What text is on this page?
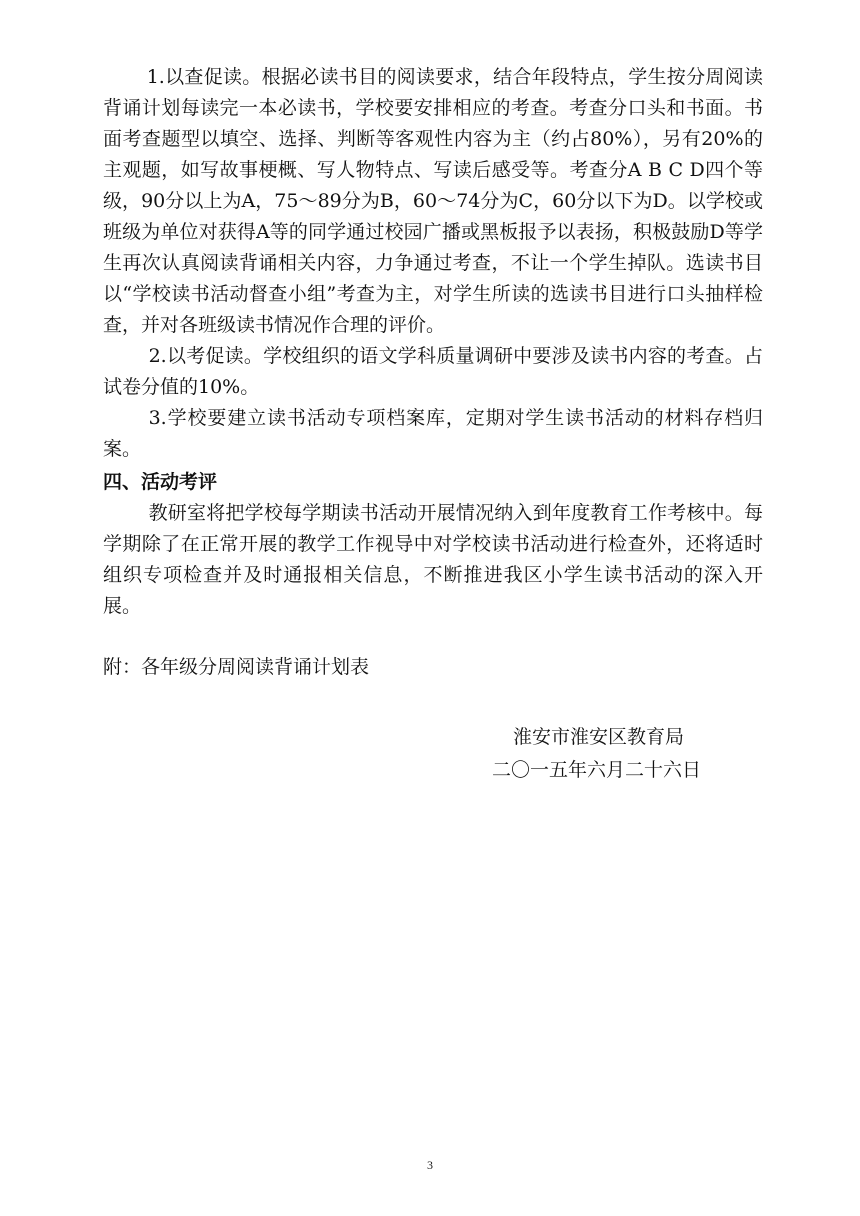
1.以查促读。根据必读书目的阅读要求，结合年段特点，学生按分周阅读背诵计划每读完一本必读书，学校要安排相应的考查。考查分口头和书面。书面考查题型以填空、选择、判断等客观性内容为主（约占80%），另有20%的主观题，如写故事梗概、写人物特点、写读后感受等。考查分A B C D四个等级，90分以上为A，75～89分为B，60～74分为C，60分以下为D。以学校或班级为单位对获得A等的同学通过校园广播或黑板报予以表扬，积极鼓励D等学生再次认真阅读背诵相关内容，力争通过考查，不让一个学生掉队。选读书目以“学校读书活动督查小组”考查为主，对学生所读的选读书目进行口头抽样检查，并对各班级读书情况作合理的评价。

2.以考促读。学校组织的语文学科质量调研中要涉及读书内容的考查。占试卷分值的10%。

3.学校要建立读书活动专项档案库，定期对学生读书活动的材料存档归案。

四、活动考评

教研室将把学校每学期读书活动开展情况纳入到年度教育工作考核中。每学期除了在正常开展的教学工作视导中对学校读书活动进行检查外，还将适时组织专项检查并及时通报相关信息，不断推进我区小学生读书活动的深入开展。

附：各年级分周阅读背诵计划表

淮安市淮安区教育局
二〇一五年六月二十六日
3
